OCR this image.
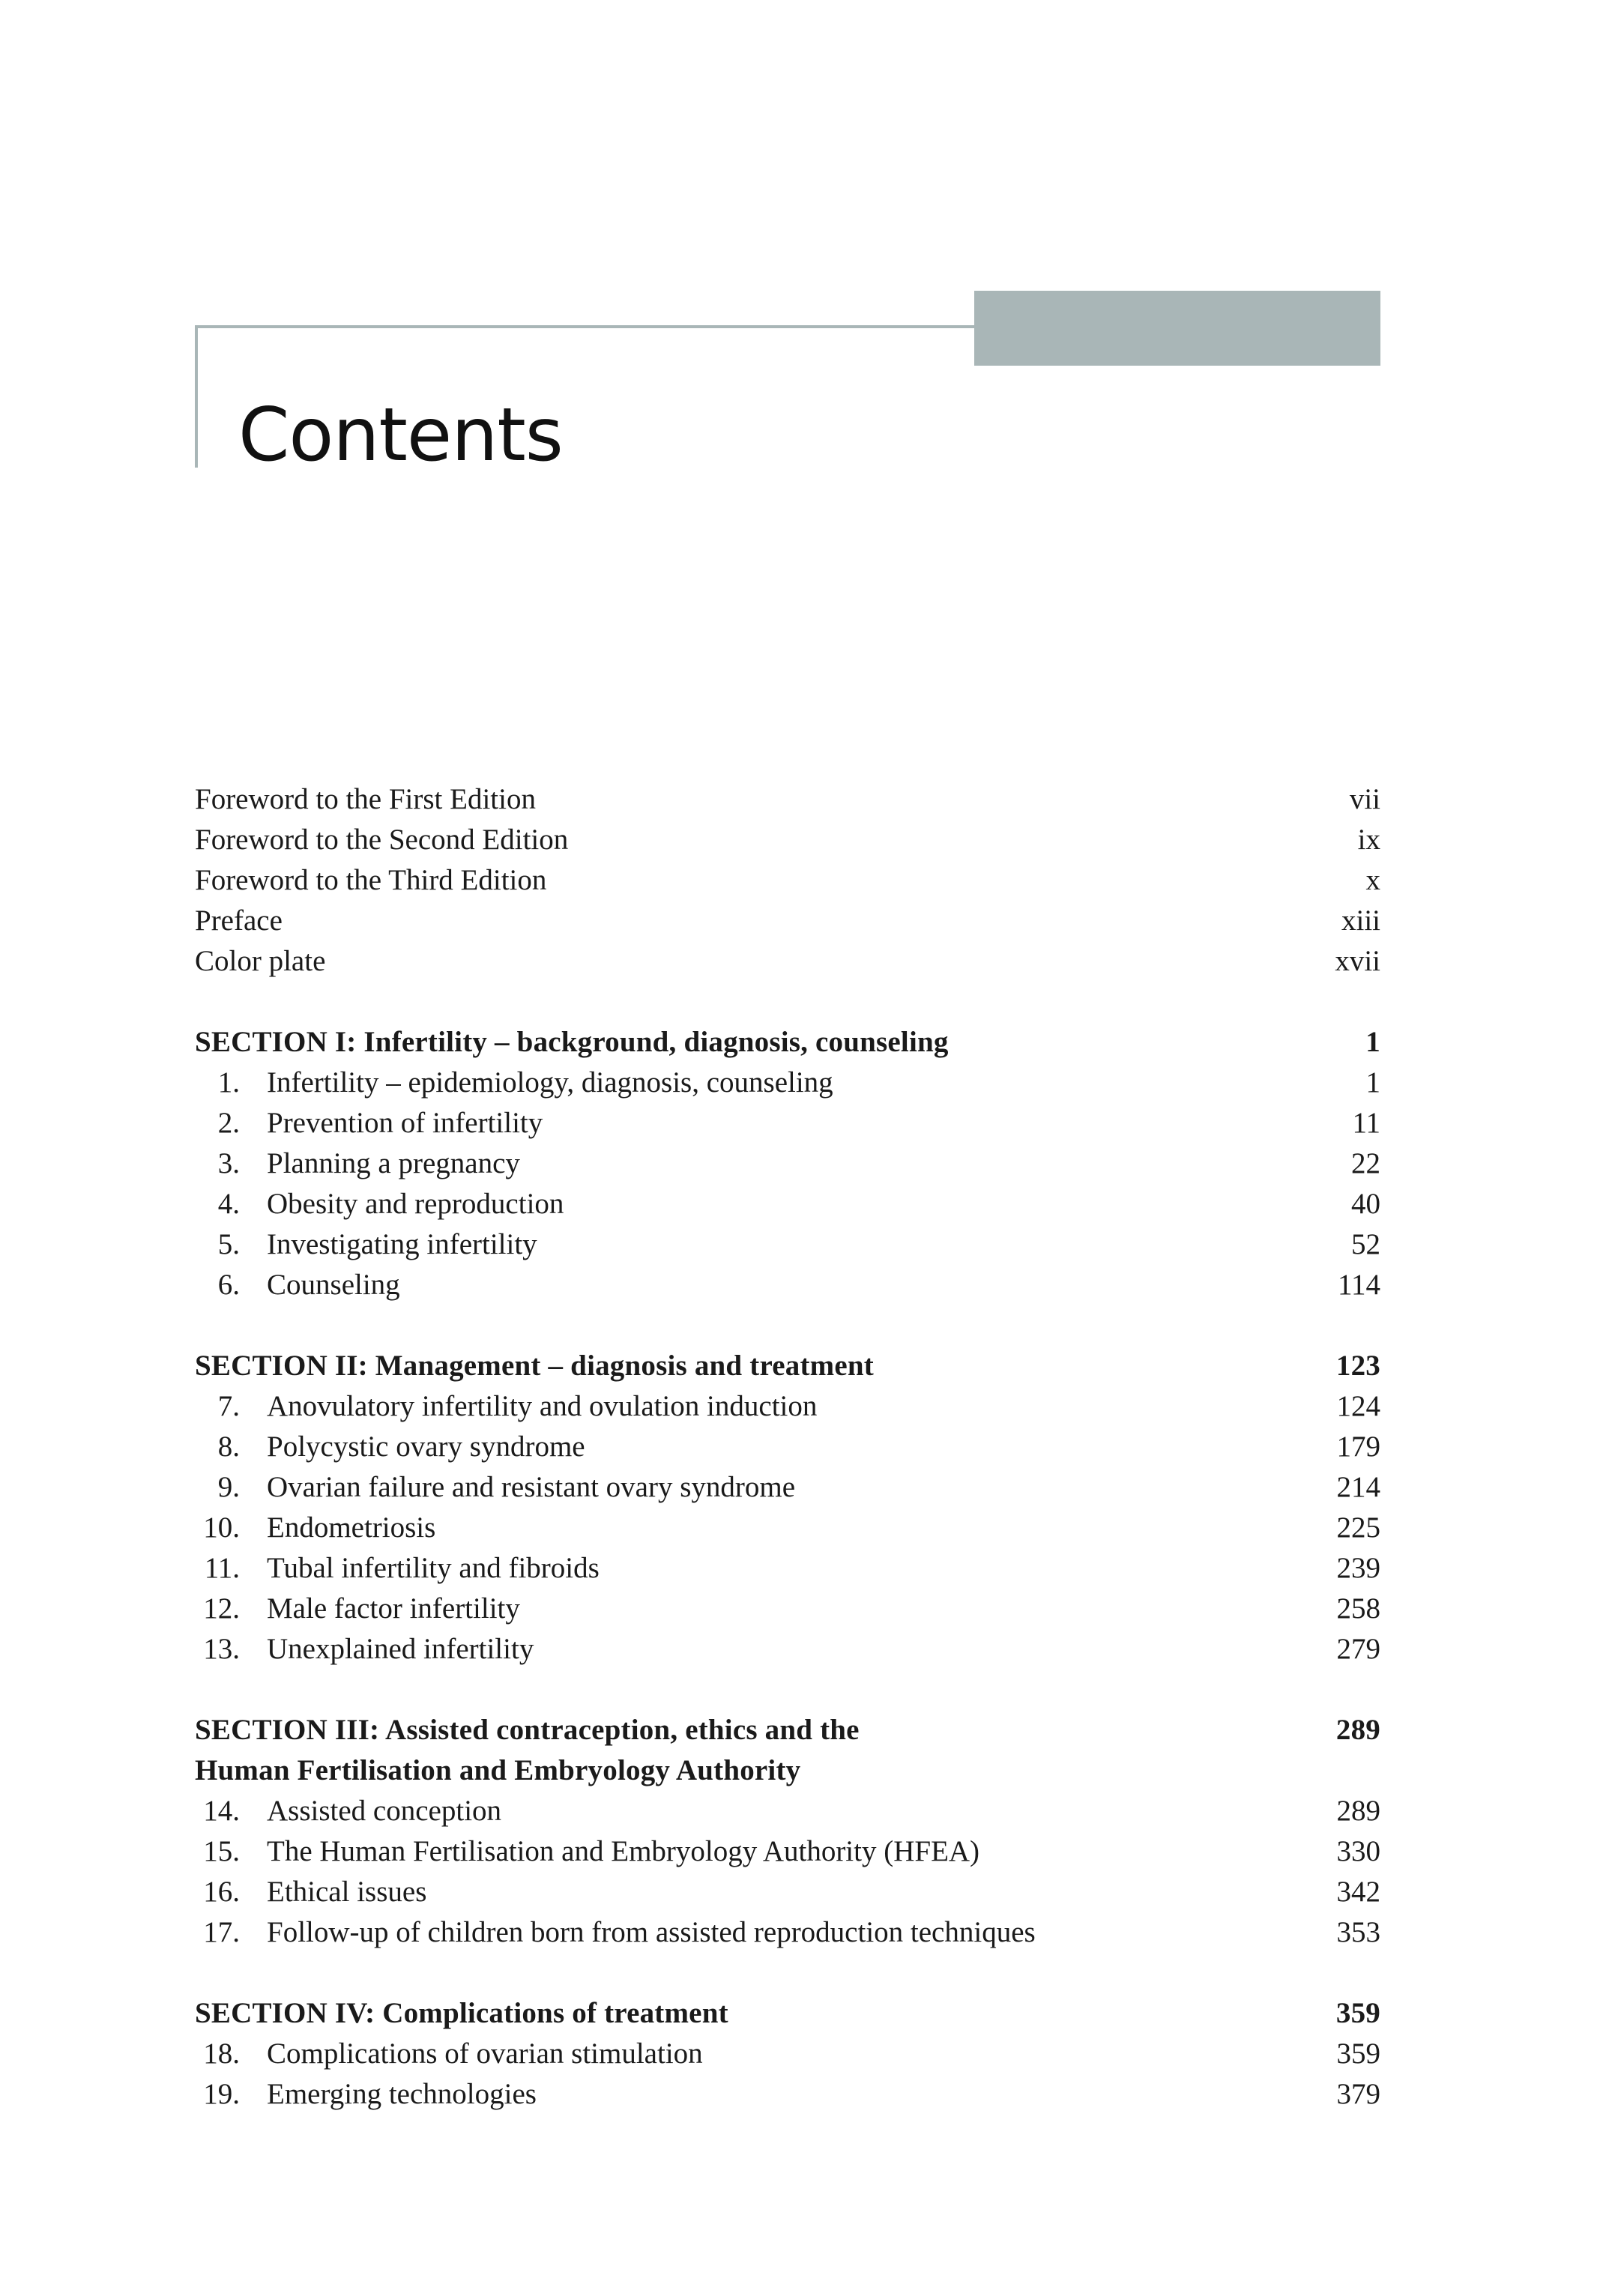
Contents
Foreword to the First Edition	vii
Foreword to the Second Edition	ix
Foreword to the Third Edition	x
Preface	xiii
Color plate	xvii
SECTION I: Infertility – background, diagnosis, counseling	1
1. Infertility – epidemiology, diagnosis, counseling	1
2. Prevention of infertility	11
3. Planning a pregnancy	22
4. Obesity and reproduction	40
5. Investigating infertility	52
6. Counseling	114
SECTION II: Management – diagnosis and treatment	123
7. Anovulatory infertility and ovulation induction	124
8. Polycystic ovary syndrome	179
9. Ovarian failure and resistant ovary syndrome	214
10. Endometriosis	225
11. Tubal infertility and fibroids	239
12. Male factor infertility	258
13. Unexplained infertility	279
SECTION III: Assisted contraception, ethics and the	289
Human Fertilisation and Embryology Authority
14. Assisted conception	289
15. The Human Fertilisation and Embryology Authority (HFEA)	330
16. Ethical issues	342
17. Follow-up of children born from assisted reproduction techniques	353
SECTION IV: Complications of treatment	359
18. Complications of ovarian stimulation	359
19. Emerging technologies	379
